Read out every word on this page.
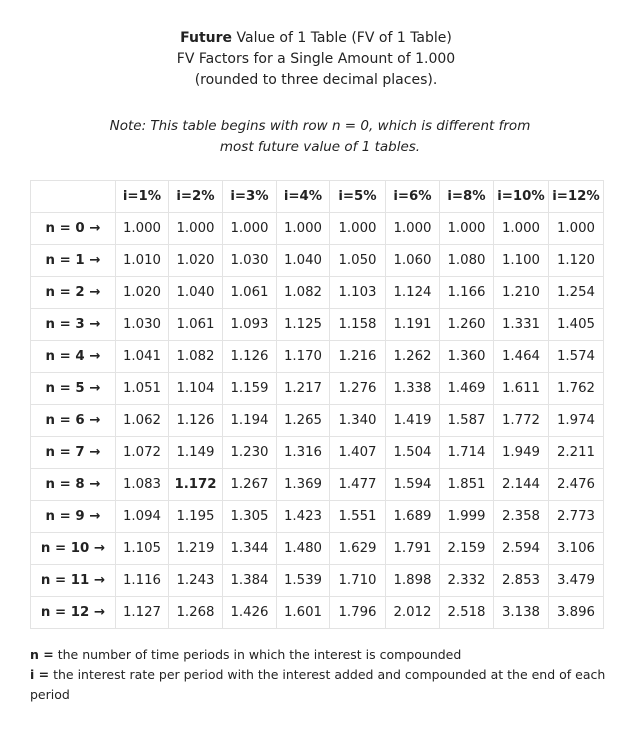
Future Value of 1 Table (FV of 1 Table)
FV Factors for a Single Amount of 1.000
(rounded to three decimal places).
Note: This table begins with row n = 0, which is different from
most future value of 1 tables.
	i=1%	i=2%	i=3%	i=4%	i=5%	i=6%	i=8%	i=10%	i=12%
n = 0 →	1.000	1.000	1.000	1.000	1.000	1.000	1.000	1.000	1.000
n = 1 →	1.010	1.020	1.030	1.040	1.050	1.060	1.080	1.100	1.120
n = 2 →	1.020	1.040	1.061	1.082	1.103	1.124	1.166	1.210	1.254
n = 3 →	1.030	1.061	1.093	1.125	1.158	1.191	1.260	1.331	1.405
n = 4 →	1.041	1.082	1.126	1.170	1.216	1.262	1.360	1.464	1.574
n = 5 →	1.051	1.104	1.159	1.217	1.276	1.338	1.469	1.611	1.762
n = 6 →	1.062	1.126	1.194	1.265	1.340	1.419	1.587	1.772	1.974
n = 7 →	1.072	1.149	1.230	1.316	1.407	1.504	1.714	1.949	2.211
n = 8 →	1.083	1.172	1.267	1.369	1.477	1.594	1.851	2.144	2.476
n = 9 →	1.094	1.195	1.305	1.423	1.551	1.689	1.999	2.358	2.773
n = 10 →	1.105	1.219	1.344	1.480	1.629	1.791	2.159	2.594	3.106
n = 11 →	1.116	1.243	1.384	1.539	1.710	1.898	2.332	2.853	3.479
n = 12 →	1.127	1.268	1.426	1.601	1.796	2.012	2.518	3.138	3.896
n = the number of time periods in which the interest is compounded
i = the interest rate per period with the interest added and compounded at the end of each period
